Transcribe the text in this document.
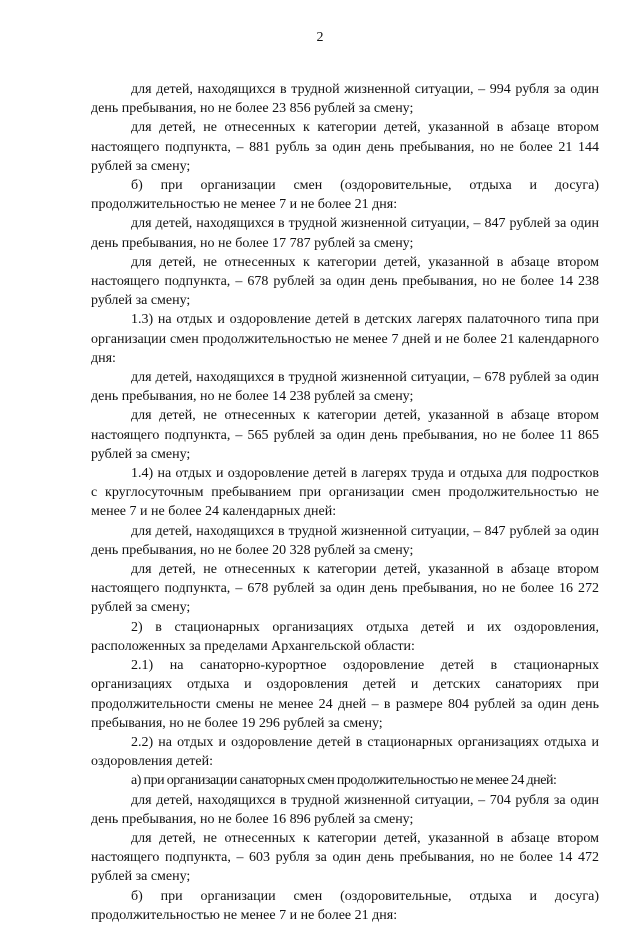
2

для детей, находящихся в трудной жизненной ситуации, – 994 рубля за один день пребывания, но не более 23 856 рублей за смену;

для детей, не отнесенных к категории детей, указанной в абзаце втором настоящего подпункта, – 881 рубль за один день пребывания, но не более 21 144 рублей за смену;

б) при организации смен (оздоровительные, отдыха и досуга) продолжительностью не менее 7 и не более 21 дня:

для детей, находящихся в трудной жизненной ситуации, – 847 рублей за один день пребывания, но не более 17 787 рублей за смену;

для детей, не отнесенных к категории детей, указанной в абзаце втором настоящего подпункта, – 678 рублей за один день пребывания, но не более 14 238 рублей за смену;

1.3) на отдых и оздоровление детей в детских лагерях палаточного типа при организации смен продолжительностью не менее 7 дней и не более 21 календарного дня:

для детей, находящихся в трудной жизненной ситуации, – 678 рублей за один день пребывания, но не более 14 238 рублей за смену;

для детей, не отнесенных к категории детей, указанной в абзаце втором настоящего подпункта, – 565 рублей за один день пребывания, но не более 11 865 рублей за смену;

1.4) на отдых и оздоровление детей в лагерях труда и отдыха для подростков с круглосуточным пребыванием при организации смен продолжительностью не менее 7 и не более 24 календарных дней:

для детей, находящихся в трудной жизненной ситуации, – 847 рублей за один день пребывания, но не более 20 328 рублей за смену;

для детей, не отнесенных к категории детей, указанной в абзаце втором настоящего подпункта, – 678 рублей за один день пребывания, но не более 16 272 рублей за смену;

2) в стационарных организациях отдыха детей и их оздоровления, расположенных за пределами Архангельской области:

2.1) на санаторно-курортное оздоровление детей в стационарных организациях отдыха и оздоровления детей и детских санаториях при продолжительности смены не менее 24 дней – в размере 804 рублей за один день пребывания, но не более 19 296 рублей за смену;

2.2) на отдых и оздоровление детей в стационарных организациях отдыха и оздоровления детей:

а) при организации санаторных смен продолжительностью не менее 24 дней:

для детей, находящихся в трудной жизненной ситуации, – 704 рубля за один день пребывания, но не более 16 896 рублей за смену;

для детей, не отнесенных к категории детей, указанной в абзаце втором настоящего подпункта, – 603 рубля за один день пребывания, но не более 14 472 рублей за смену;

б) при организации смен (оздоровительные, отдыха и досуга) продолжительностью не менее 7 и не более 21 дня:
